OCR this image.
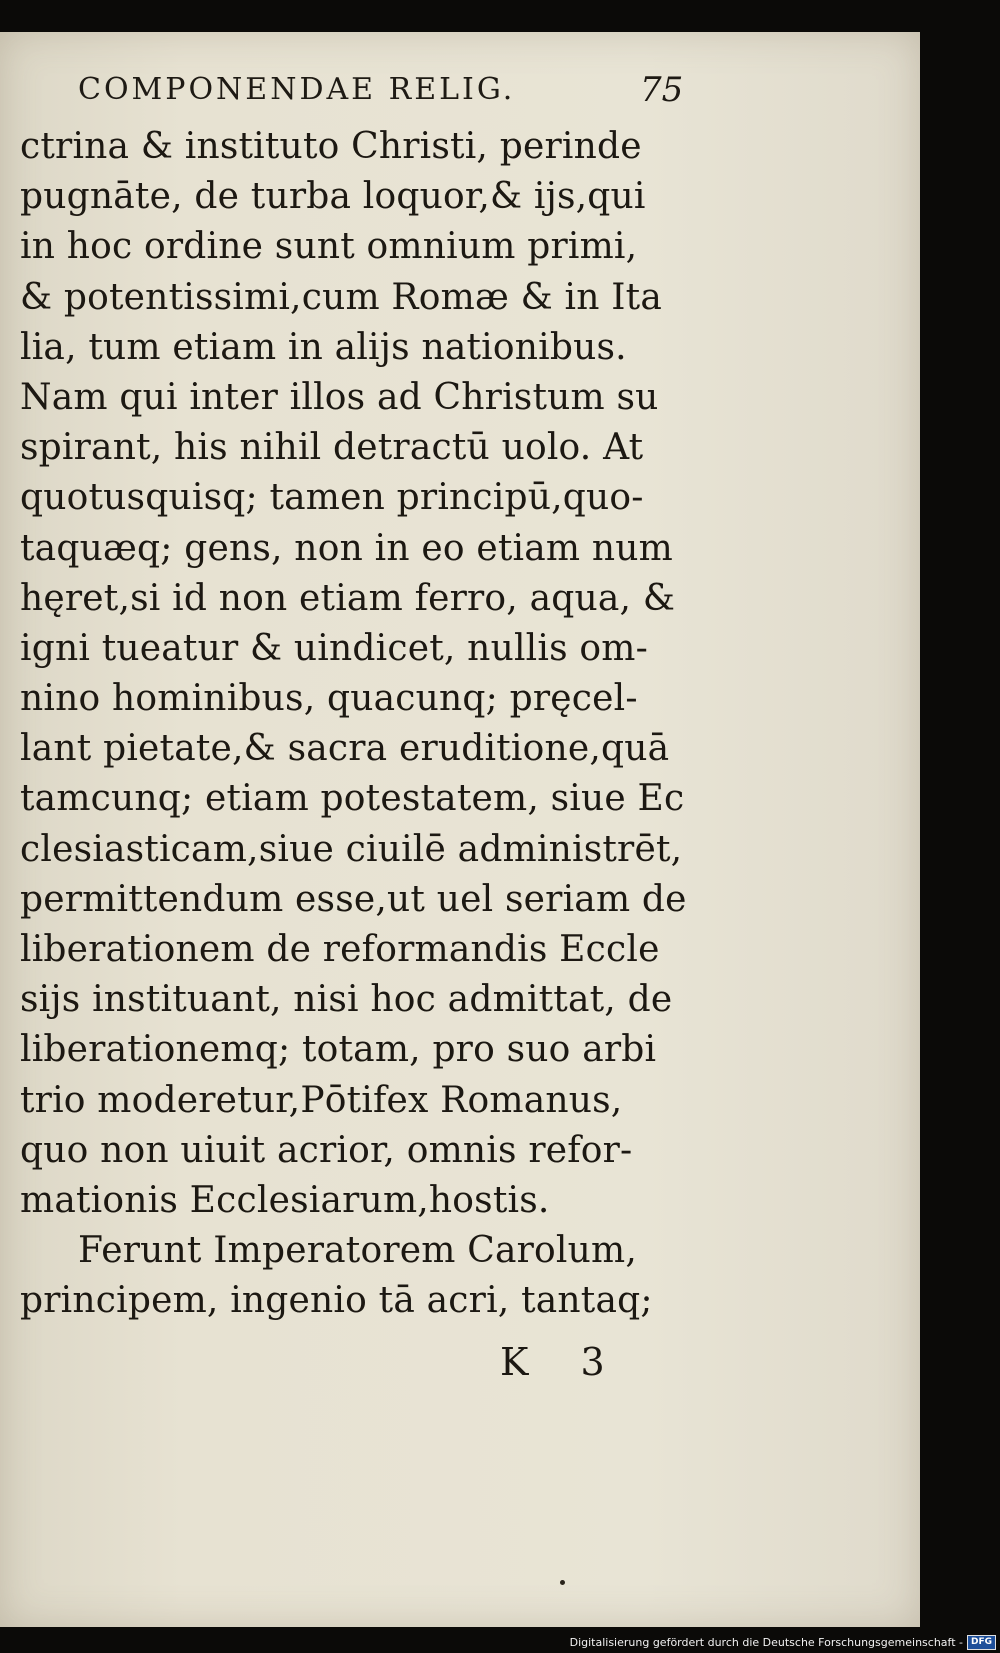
COMPONENDAE RELIG.	75
ctrina & instituto Christi, perinde
pugnāte, de turba loquor,& ijs,qui
in hoc ordine sunt omnium primi,
& potentissimi,cum Romæ & in Ita
lia, tum etiam in alijs nationibus.
Nam qui inter illos ad Christum su
spirant, his nihil detractū uolo. At
quotusquisq; tamen principū,quo-
taquæq; gens, non in eo etiam num
hęret,si id non etiam ferro, aqua, &
igni tueatur & uindicet, nullis om-
nino hominibus, quacunq; pręcel-
lant pietate,& sacra eruditione,quā
tamcunq; etiam potestatem, siue Ec
clesiasticam,siue ciuilē administrēt,
permittendum esse,ut uel seriam de
liberationem de reformandis Eccle
sijs instituant, nisi hoc admittat, de
liberationemq; totam, pro suo arbi
trio moderetur,Pōtifex Romanus,
quo non uiuit acrior, omnis refor-
mationis Ecclesiarum,hostis.
Ferunt Imperatorem Carolum,
principem, ingenio tā acri, tantaq;
K 3
Digitalisierung gefördert durch die Deutsche Forschungsgemeinschaft - DFG
